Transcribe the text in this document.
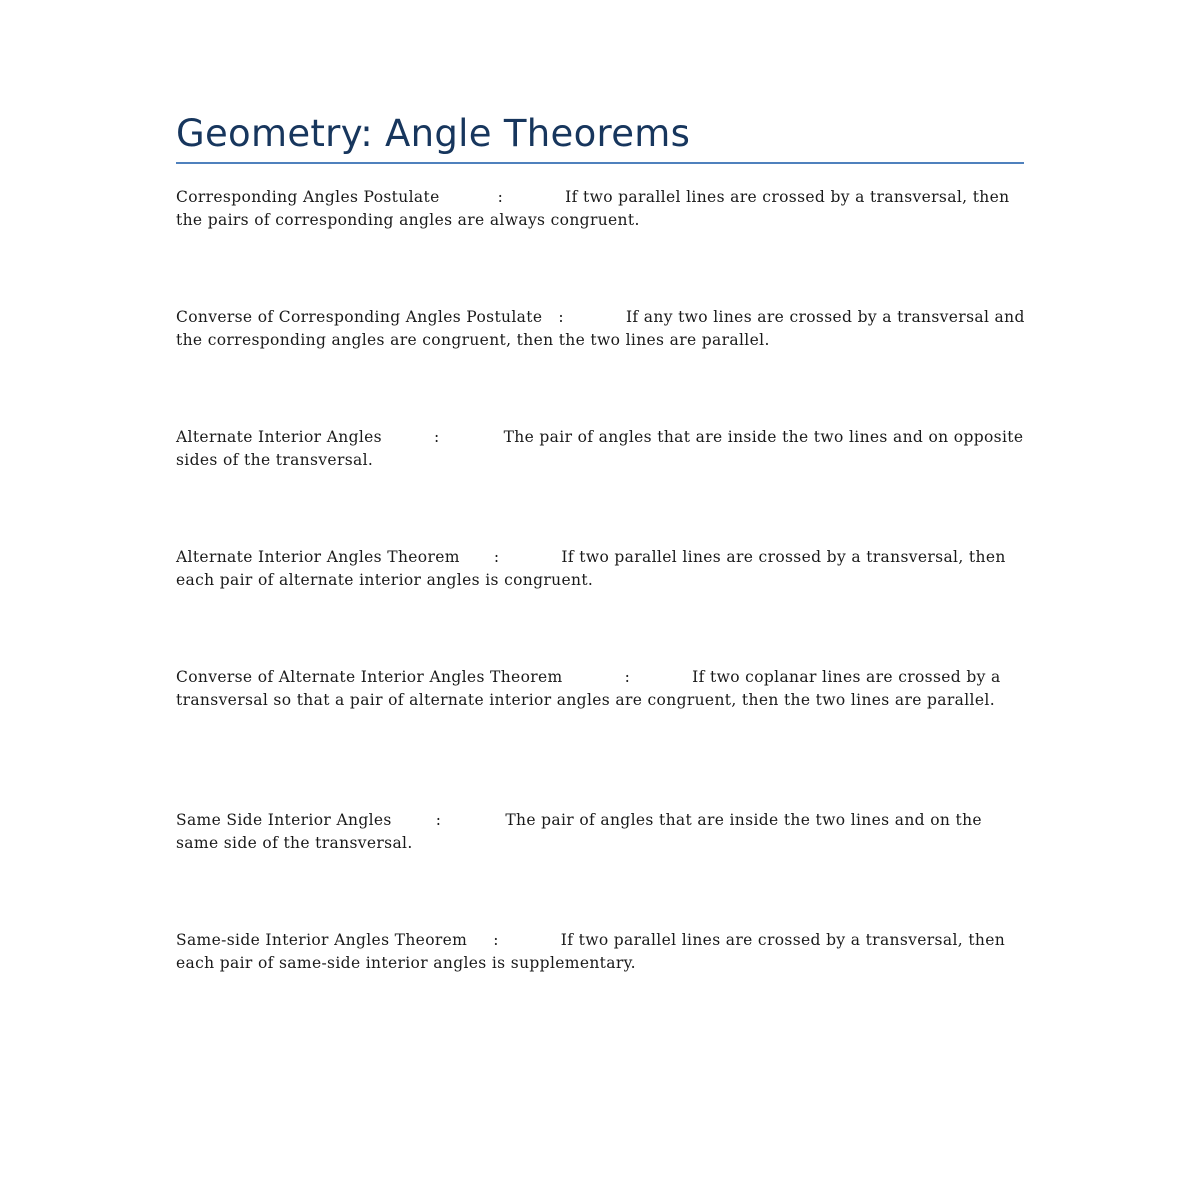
Geometry: Angle Theorems

Corresponding Angles Postulate	:	If two parallel lines are crossed by a transversal, then the pairs of corresponding angles are always congruent.

Converse of Corresponding Angles Postulate :	If any two lines are crossed by a transversal and the corresponding angles are congruent, then the two lines are parallel.

Alternate Interior Angles	:	The pair of angles that are inside the two lines and on opposite sides of the transversal.

Alternate Interior Angles Theorem :	If two parallel lines are crossed by a transversal, then each pair of alternate interior angles is congruent.

Converse of Alternate Interior Angles Theorem	:	If two coplanar lines are crossed by a transversal so that a pair of alternate interior angles are congruent, then the two lines are parallel.

Same Side Interior Angles	:	The pair of angles that are inside the two lines and on the same side of the transversal.

Same-side Interior Angles Theorem :	If two parallel lines are crossed by a transversal, then each pair of same-side interior angles is supplementary.
